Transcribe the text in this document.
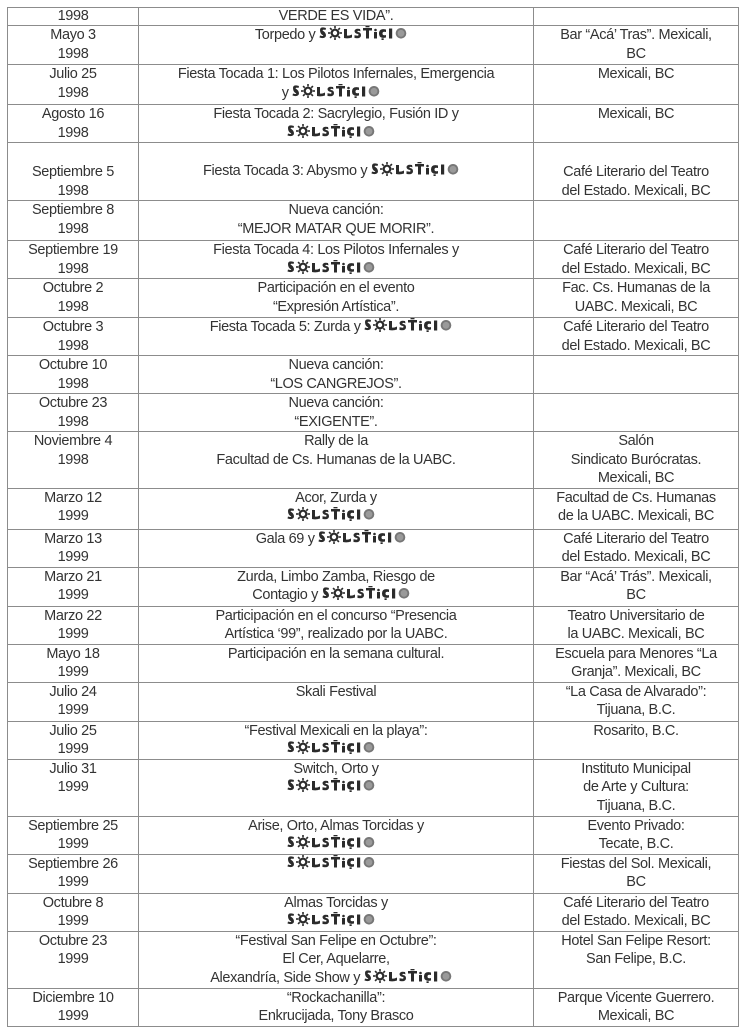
1998	VERDE ES VIDA”.	

Mayo 3
1998	Torpedo y	Bar “Acá’ Tras”. Mexicali,
BC

Julio 25
1998	Fiesta Tocada 1: Los Pilotos Infernales, Emergencia
y	Mexicali, BC

Agosto 16
1998	Fiesta Tocada 2: Sacrylegio, Fusión ID y	Mexicali, BC

Septiembre 5
1998	Fiesta Tocada 3: Abysmo y	Café Literario del Teatro
del Estado. Mexicali, BC

Septiembre 8
1998	Nueva canción:
“MEJOR MATAR QUE MORIR”.	

Septiembre 19
1998	Fiesta Tocada 4: Los Pilotos Infernales y	Café Literario del Teatro
del Estado. Mexicali, BC

Octubre 2
1998	Participación en el evento
“Expresión Artística”.	Fac. Cs. Humanas de la
UABC. Mexicali, BC

Octubre 3
1998	Fiesta Tocada 5: Zurda y	Café Literario del Teatro
del Estado. Mexicali, BC

Octubre 10
1998	Nueva canción:
“LOS CANGREJOS”.	

Octubre 23
1998	Nueva canción:
“EXIGENTE”.	

Noviembre 4
1998	Rally de la
Facultad de Cs. Humanas de la UABC.	Salón
Sindicato Burócratas.
Mexicali, BC

Marzo 12
1999	Acor, Zurda y	Facultad de Cs. Humanas
de la UABC. Mexicali, BC

Marzo 13
1999	Gala 69 y	Café Literario del Teatro
del Estado. Mexicali, BC

Marzo 21
1999	Zurda, Limbo Zamba, Riesgo de
Contagio y	Bar “Acá’ Trás”. Mexicali,
BC

Marzo 22
1999	Participación en el concurso “Presencia
Artística ‘99”, realizado por la UABC.	Teatro Universitario de
la UABC. Mexicali, BC

Mayo 18
1999	Participación en la semana cultural.	Escuela para Menores “La
Granja”. Mexicali, BC

Julio 24
1999	Skali Festival	“La Casa de Alvarado”:
Tijuana, B.C.

Julio 25
1999	“Festival Mexicali en la playa”:	Rosarito, B.C.

Julio 31
1999	Switch, Orto y	Instituto Municipal
de Arte y Cultura:
Tijuana, B.C.

Septiembre 25
1999	Arise, Orto, Almas Torcidas y	Evento Privado:
Tecate, B.C.

Septiembre 26
1999		Fiestas del Sol. Mexicali,
BC

Octubre 8
1999	Almas Torcidas y	Café Literario del Teatro
del Estado. Mexicali, BC

Octubre 23
1999	“Festival San Felipe en Octubre”:
El Cer, Aquelarre,
Alexandría, Side Show y	Hotel San Felipe Resort:
San Felipe, B.C.

Diciembre 10
1999	“Rockachanilla”:
Enkrucijada, Tony Brasco	Parque Vicente Guerrero.
Mexicali, BC
